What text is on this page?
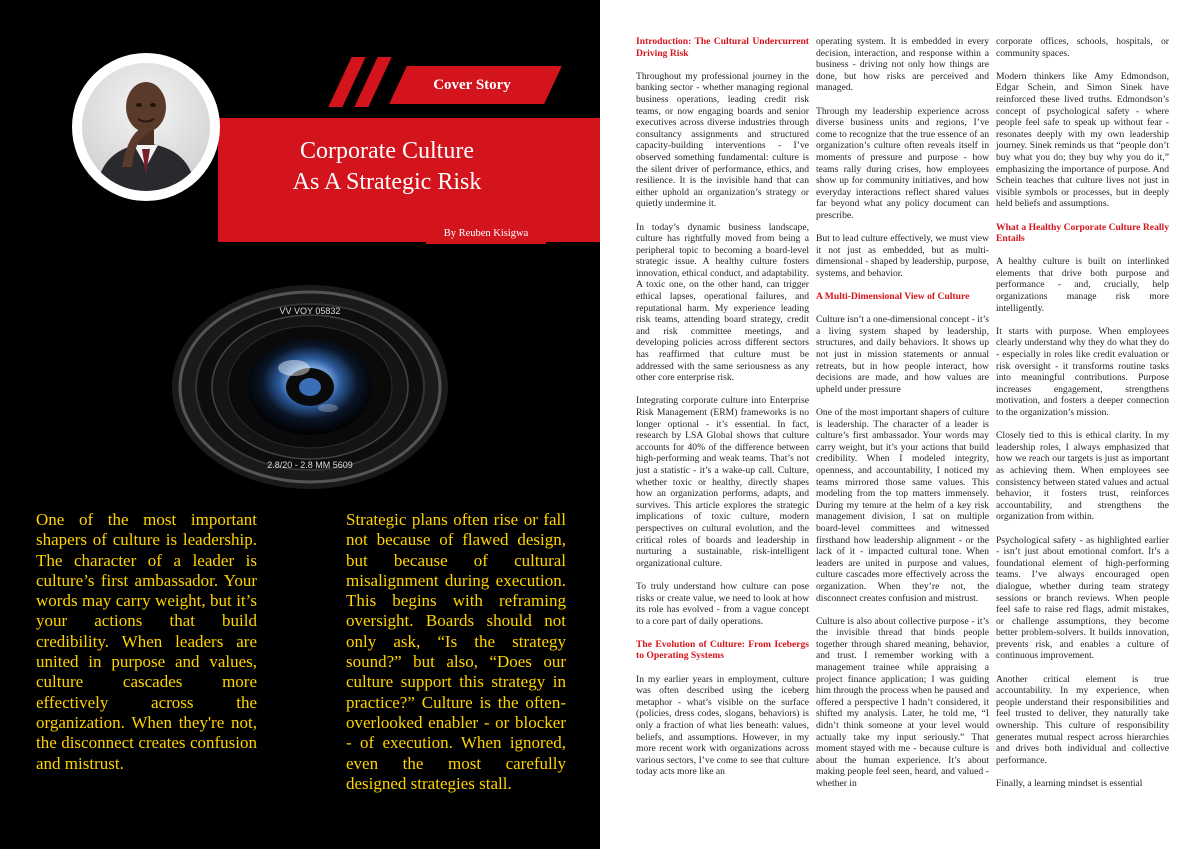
Cover Story
Corporate Culture
As A Strategic Risk
By Reuben Kisigwa
VV VOY 05832
2.8/20 - 2.8 MM 5609
One of the most important shapers of culture is leadership. The character of a leader is culture’s first ambassador. Your words may carry weight, but it’s your actions that build credibility. When leaders are united in purpose and values, culture cascades more effectively across the organization. When they're not, the disconnect creates confusion and mistrust.
Strategic plans often rise or fall not because of flawed design, but because of cultural misalignment during execution. This begins with reframing oversight. Boards should not only ask, “Is the strategy sound?” but also, “Does our culture support this strategy in practice?” Culture is the often-overlooked enabler - or blocker - of execution. When ignored, even the most carefully designed strategies stall.
Introduction: The Cultural Undercurrent Driving Risk

Throughout my professional journey in the banking sector - whether managing regional business operations, leading credit risk teams, or now engaging boards and senior executives across diverse industries through consultancy assignments and structured capacity-building interventions - I’ve observed something fundamental: culture is the silent driver of performance, ethics, and resilience. It is the invisible hand that can either uphold an organization’s strategy or quietly undermine it.

In today’s dynamic business landscape, culture has rightfully moved from being a peripheral topic to becoming a board-level strategic issue. A healthy culture fosters innovation, ethical conduct, and adaptability. A toxic one, on the other hand, can trigger ethical lapses, operational failures, and reputational harm. My experience leading risk teams, attending board strategy, credit and risk committee meetings, and developing policies across different sectors has reaffirmed that culture must be addressed with the same seriousness as any other core enterprise risk.

Integrating corporate culture into Enterprise Risk Management (ERM) frameworks is no longer optional - it’s essential. In fact, research by LSA Global shows that culture accounts for 40% of the difference between high-performing and weak teams. That’s not just a statistic - it’s a wake-up call. Culture, whether toxic or healthy, directly shapes how an organization performs, adapts, and survives. This article explores the strategic implications of toxic culture, modern perspectives on cultural evolution, and the critical roles of boards and leadership in nurturing a sustainable, risk-intelligent organizational culture.

To truly understand how culture can pose risks or create value, we need to look at how its role has evolved - from a vague concept to a core part of daily operations.

The Evolution of Culture: From Icebergs to Operating Systems

In my earlier years in employment, culture was often described using the iceberg metaphor - what’s visible on the surface (policies, dress codes, slogans, behaviors) is only a fraction of what lies beneath: values, beliefs, and assumptions. However, in my more recent work with organizations across various sectors, I’ve come to see that culture today acts more like an

operating system. It is embedded in every decision, interaction, and response within a business - driving not only how things are done, but how risks are perceived and managed.

Through my leadership experience across diverse business units and regions, I’ve come to recognize that the true essence of an organization’s culture often reveals itself in moments of pressure and purpose - how teams rally during crises, how employees show up for community initiatives, and how everyday interactions reflect shared values far beyond what any policy document can prescribe.

But to lead culture effectively, we must view it not just as embedded, but as multi-dimensional - shaped by leadership, purpose, systems, and behavior.

A Multi-Dimensional View of Culture

Culture isn’t a one-dimensional concept - it’s a living system shaped by leadership, structures, and daily behaviors. It shows up not just in mission statements or annual retreats, but in how people interact, how decisions are made, and how values are upheld under pressure

One of the most important shapers of culture is leadership. The character of a leader is culture’s first ambassador. Your words may carry weight, but it’s your actions that build credibility. When I modeled integrity, openness, and accountability, I noticed my teams mirrored those same values. This modeling from the top matters immensely. During my tenure at the helm of a key risk management division, I sat on multiple board-level committees and witnessed firsthand how leadership alignment - or the lack of it - impacted cultural tone. When leaders are united in purpose and values, culture cascades more effectively across the organization. When they’re not, the disconnect creates confusion and mistrust.

Culture is also about collective purpose - it’s the invisible thread that binds people together through shared meaning, behavior, and trust. I remember working with a management trainee while appraising a project finance application; I was guiding him through the process when he paused and offered a perspective I hadn’t considered, it shifted my analysis. Later, he told me, “I didn’t think someone at your level would actually take my input seriously.” That moment stayed with me - because culture is about the human experience. It’s about making people feel seen, heard, and valued - whether in

corporate offices, schools, hospitals, or community spaces.

Modern thinkers like Amy Edmondson, Edgar Schein, and Simon Sinek have reinforced these lived truths. Edmondson’s concept of psychological safety - where people feel safe to speak up without fear - resonates deeply with my own leadership journey. Sinek reminds us that “people don’t buy what you do; they buy why you do it,” emphasizing the importance of purpose. And Schein teaches that culture lives not just in visible symbols or processes, but in deeply held beliefs and assumptions.

What a Healthy Corporate Culture Really Entails

A healthy culture is built on interlinked elements that drive both purpose and performance - and, crucially, help organizations manage risk more intelligently.

It starts with purpose. When employees clearly understand why they do what they do - especially in roles like credit evaluation or risk oversight - it transforms routine tasks into meaningful contributions. Purpose increases engagement, strengthens motivation, and fosters a deeper connection to the organization’s mission.

Closely tied to this is ethical clarity. In my leadership roles, I always emphasized that how we reach our targets is just as important as achieving them. When employees see consistency between stated values and actual behavior, it fosters trust, reinforces accountability, and strengthens the organization from within.

Psychological safety - as highlighted earlier - isn’t just about emotional comfort. It’s a foundational element of high-performing teams. I’ve always encouraged open dialogue, whether during team strategy sessions or branch reviews. When people feel safe to raise red flags, admit mistakes, or challenge assumptions, they become better problem-solvers. It builds innovation, prevents risk, and enables a culture of continuous improvement.

Another critical element is true accountability. In my experience, when people understand their responsibilities and feel trusted to deliver, they naturally take ownership. This culture of responsibility generates mutual respect across hierarchies and drives both individual and collective performance.

Finally, a learning mindset is essential
